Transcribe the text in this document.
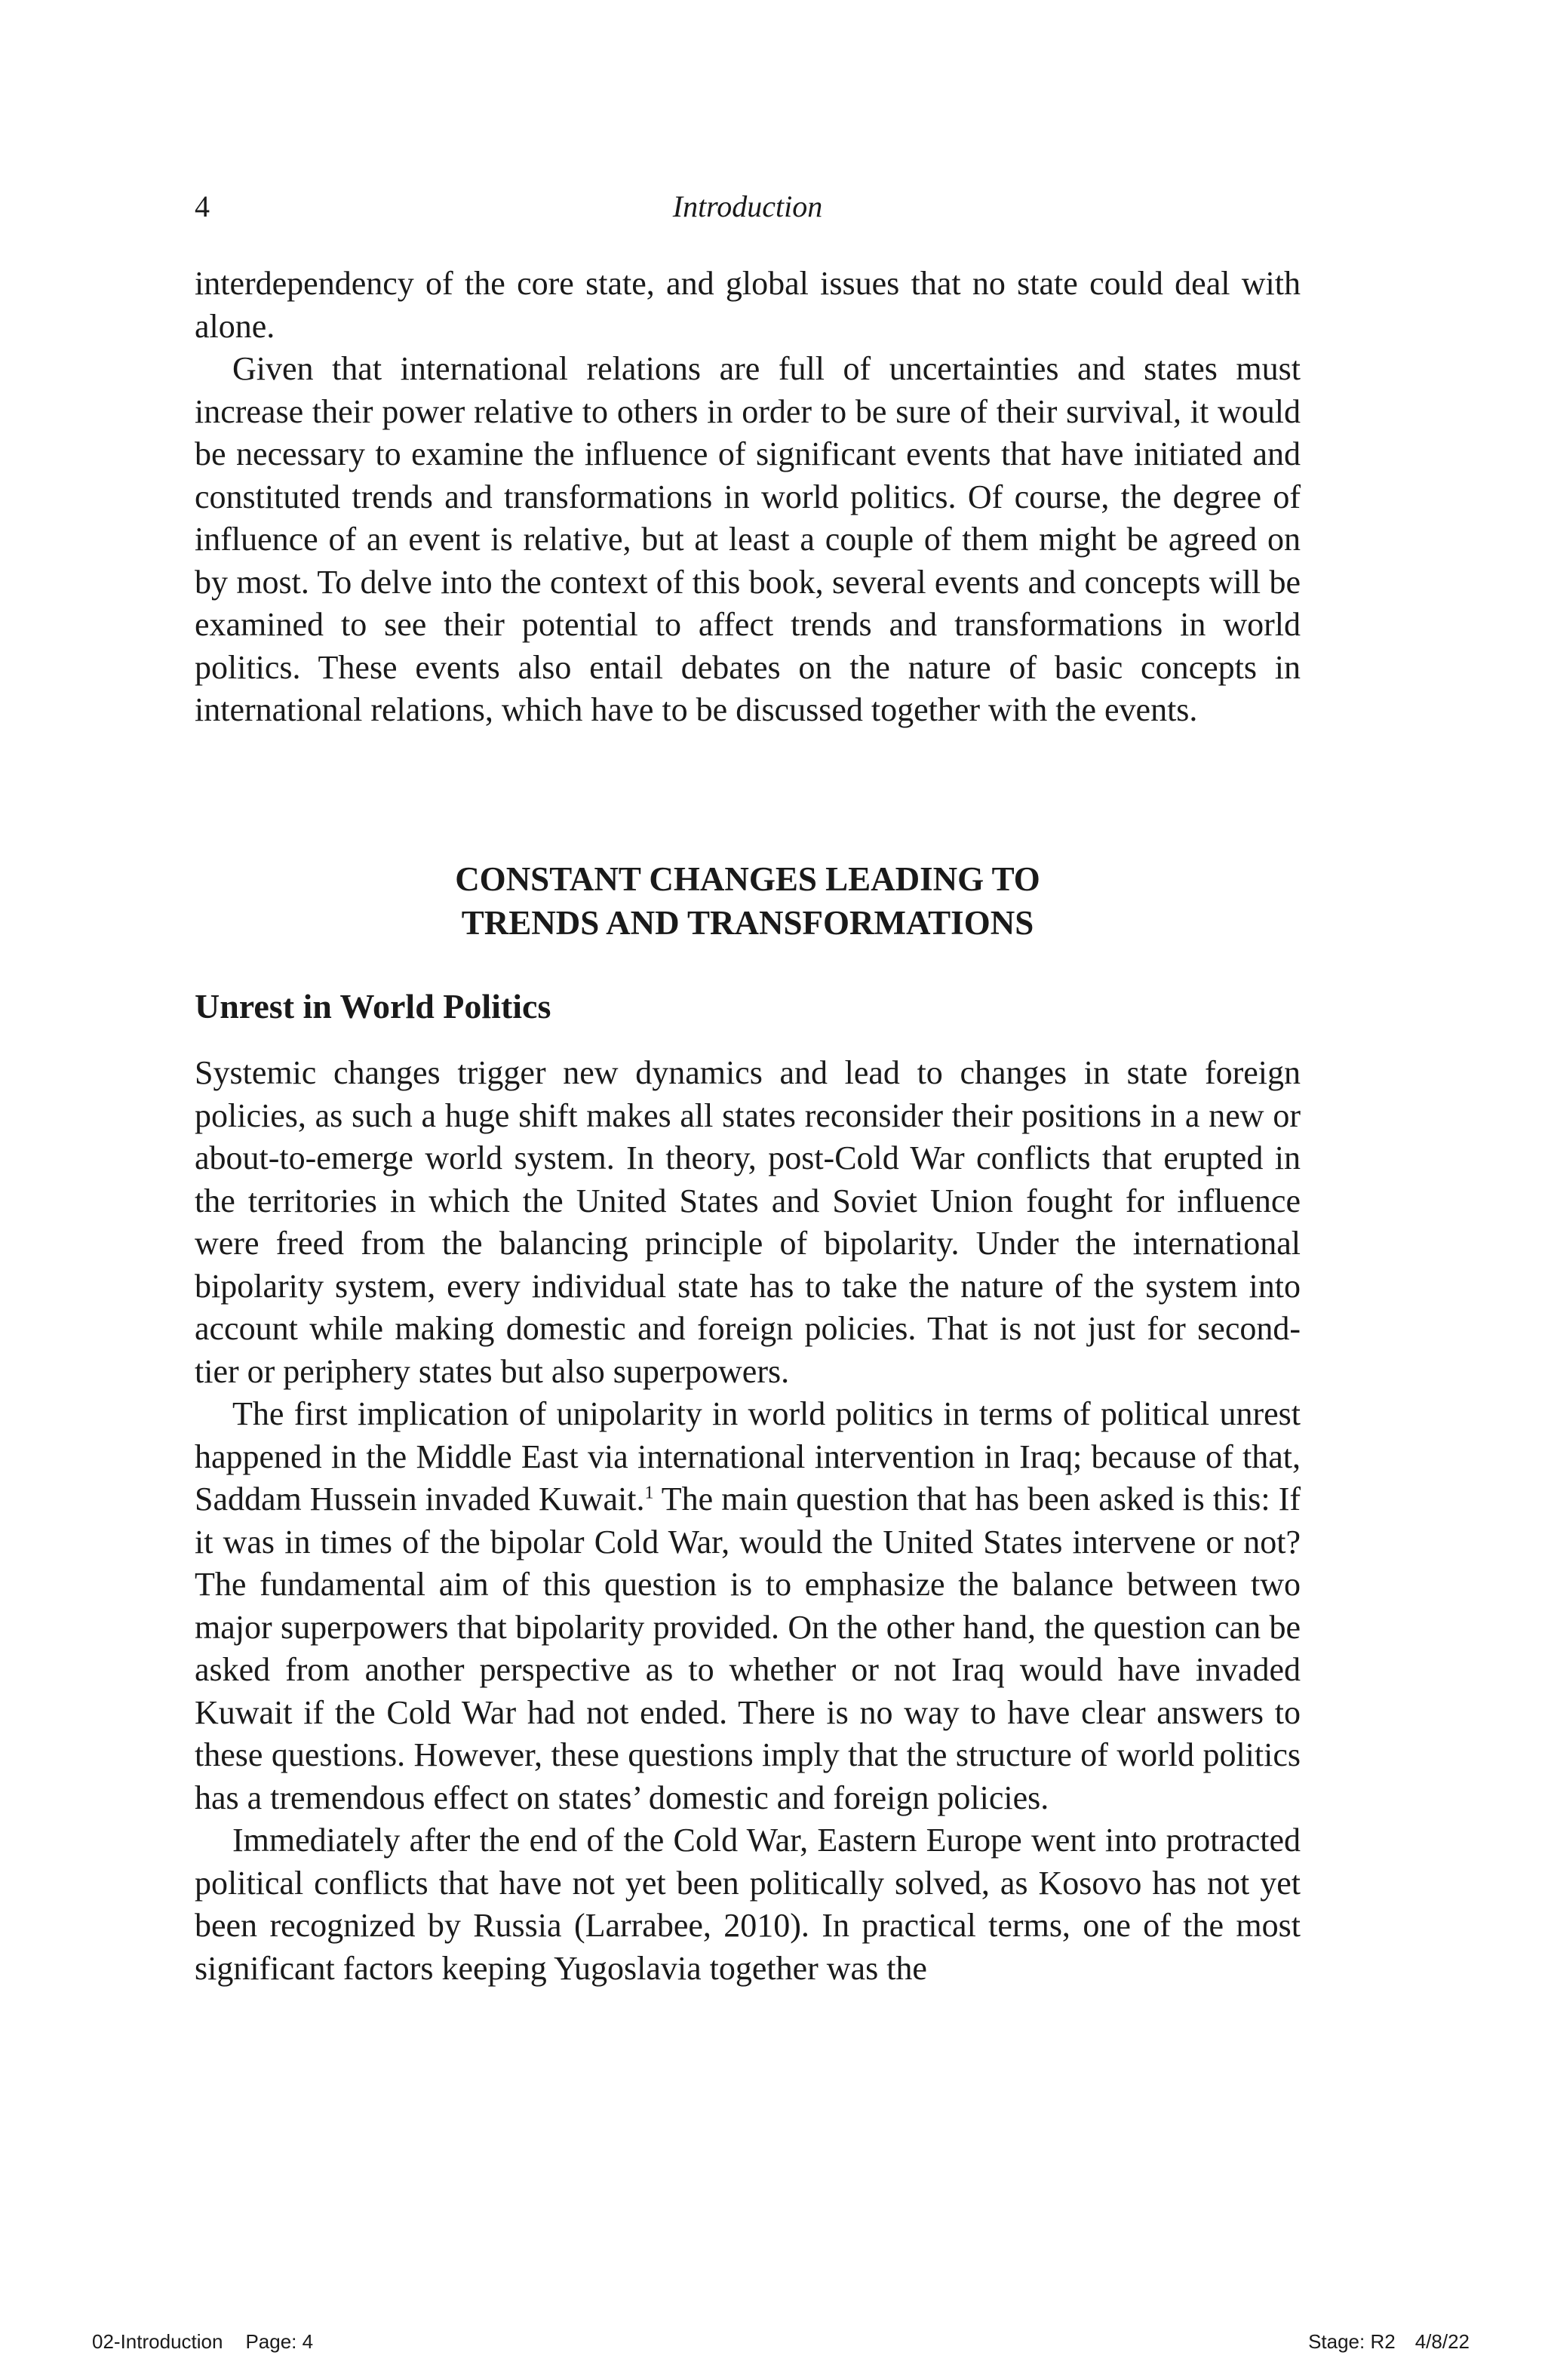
4	Introduction

interdependency of the core state, and global issues that no state could deal with alone.

Given that international relations are full of uncertainties and states must increase their power relative to others in order to be sure of their survival, it would be necessary to examine the influence of significant events that have initiated and constituted trends and transformations in world politics. Of course, the degree of influence of an event is relative, but at least a couple of them might be agreed on by most. To delve into the context of this book, several events and concepts will be examined to see their potential to affect trends and transformations in world politics. These events also entail debates on the nature of basic concepts in international relations, which have to be discussed together with the events.

CONSTANT CHANGES LEADING TO
TRENDS AND TRANSFORMATIONS
Unrest in World Politics

Systemic changes trigger new dynamics and lead to changes in state foreign policies, as such a huge shift makes all states reconsider their positions in a new or about-to-emerge world system. In theory, post-Cold War conflicts that erupted in the territories in which the United States and Soviet Union fought for influence were freed from the balancing principle of bipolarity. Under the international bipolarity system, every individual state has to take the nature of the system into account while making domestic and foreign policies. That is not just for second-tier or periphery states but also superpowers.

The first implication of unipolarity in world politics in terms of political unrest happened in the Middle East via international intervention in Iraq; because of that, Saddam Hussein invaded Kuwait.$^1$ The main question that has been asked is this: If it was in times of the bipolar Cold War, would the United States intervene or not? The fundamental aim of this question is to emphasize the balance between two major superpowers that bipolarity provided. On the other hand, the question can be asked from another perspective as to whether or not Iraq would have invaded Kuwait if the Cold War had not ended. There is no way to have clear answers to these questions. However, these questions imply that the structure of world politics has a tremendous effect on states’ domestic and foreign policies.

Immediately after the end of the Cold War, Eastern Europe went into protracted political conflicts that have not yet been politically solved, as Kosovo has not yet been recognized by Russia (Larrabee, 2010). In practical terms, one of the most significant factors keeping Yugoslavia together was the

02-Introduction Page: 4	Stage: R2 4/8/22
